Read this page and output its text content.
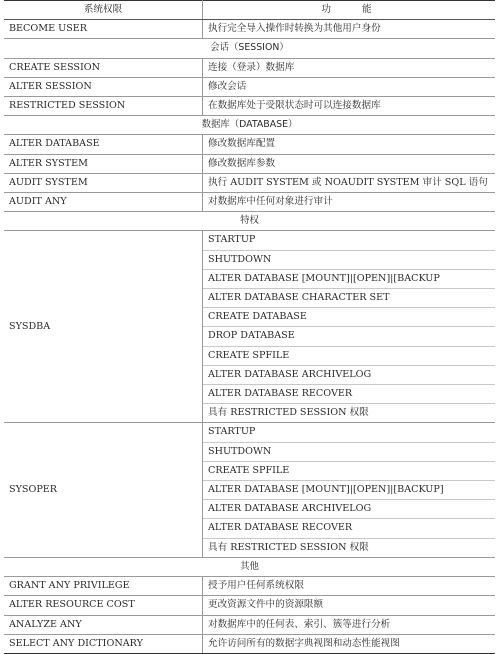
系统权限	功 能
BECOME USER	执行完全导入操作时转换为其他用户身份
会话（SESSION）	
CREATE SESSION	连接（登录）数据库
ALTER SESSION	修改会话
RESTRICTED SESSION	在数据库处于受限状态时可以连接数据库
数据库（DATABASE）	
ALTER DATABASE	修改数据库配置
ALTER SYSTEM	修改数据库参数
AUDIT SYSTEM	执行 AUDIT SYSTEM 或 NOAUDIT SYSTEM 审计 SQL 语句
AUDIT ANY	对数据库中任何对象进行审计
特权	
SYSDBA	STARTUP
	SHUTDOWN
	ALTER DATABASE [MOUNT]|[OPEN]|[BACKUP
	ALTER DATABASE CHARACTER SET
	CREATE DATABASE
	DROP DATABASE
	CREATE SPFILE
	ALTER DATABASE ARCHIVELOG
	ALTER DATABASE RECOVER
	具有 RESTRICTED SESSION 权限
SYSOPER	STARTUP
	SHUTDOWN
	CREATE SPFILE
	ALTER DATABASE [MOUNT]|[OPEN]|[BACKUP]
	ALTER DATABASE ARCHIVELOG
	ALTER DATABASE RECOVER
	具有 RESTRICTED SESSION 权限
其他	
GRANT ANY PRIVILEGE	授予用户任何系统权限
ALTER RESOURCE COST	更改资源文件中的资源限额
ANALYZE ANY	对数据库中的任何表、索引、簇等进行分析
SELECT ANY DICTIONARY	允许访问所有的数据字典视图和动态性能视图
